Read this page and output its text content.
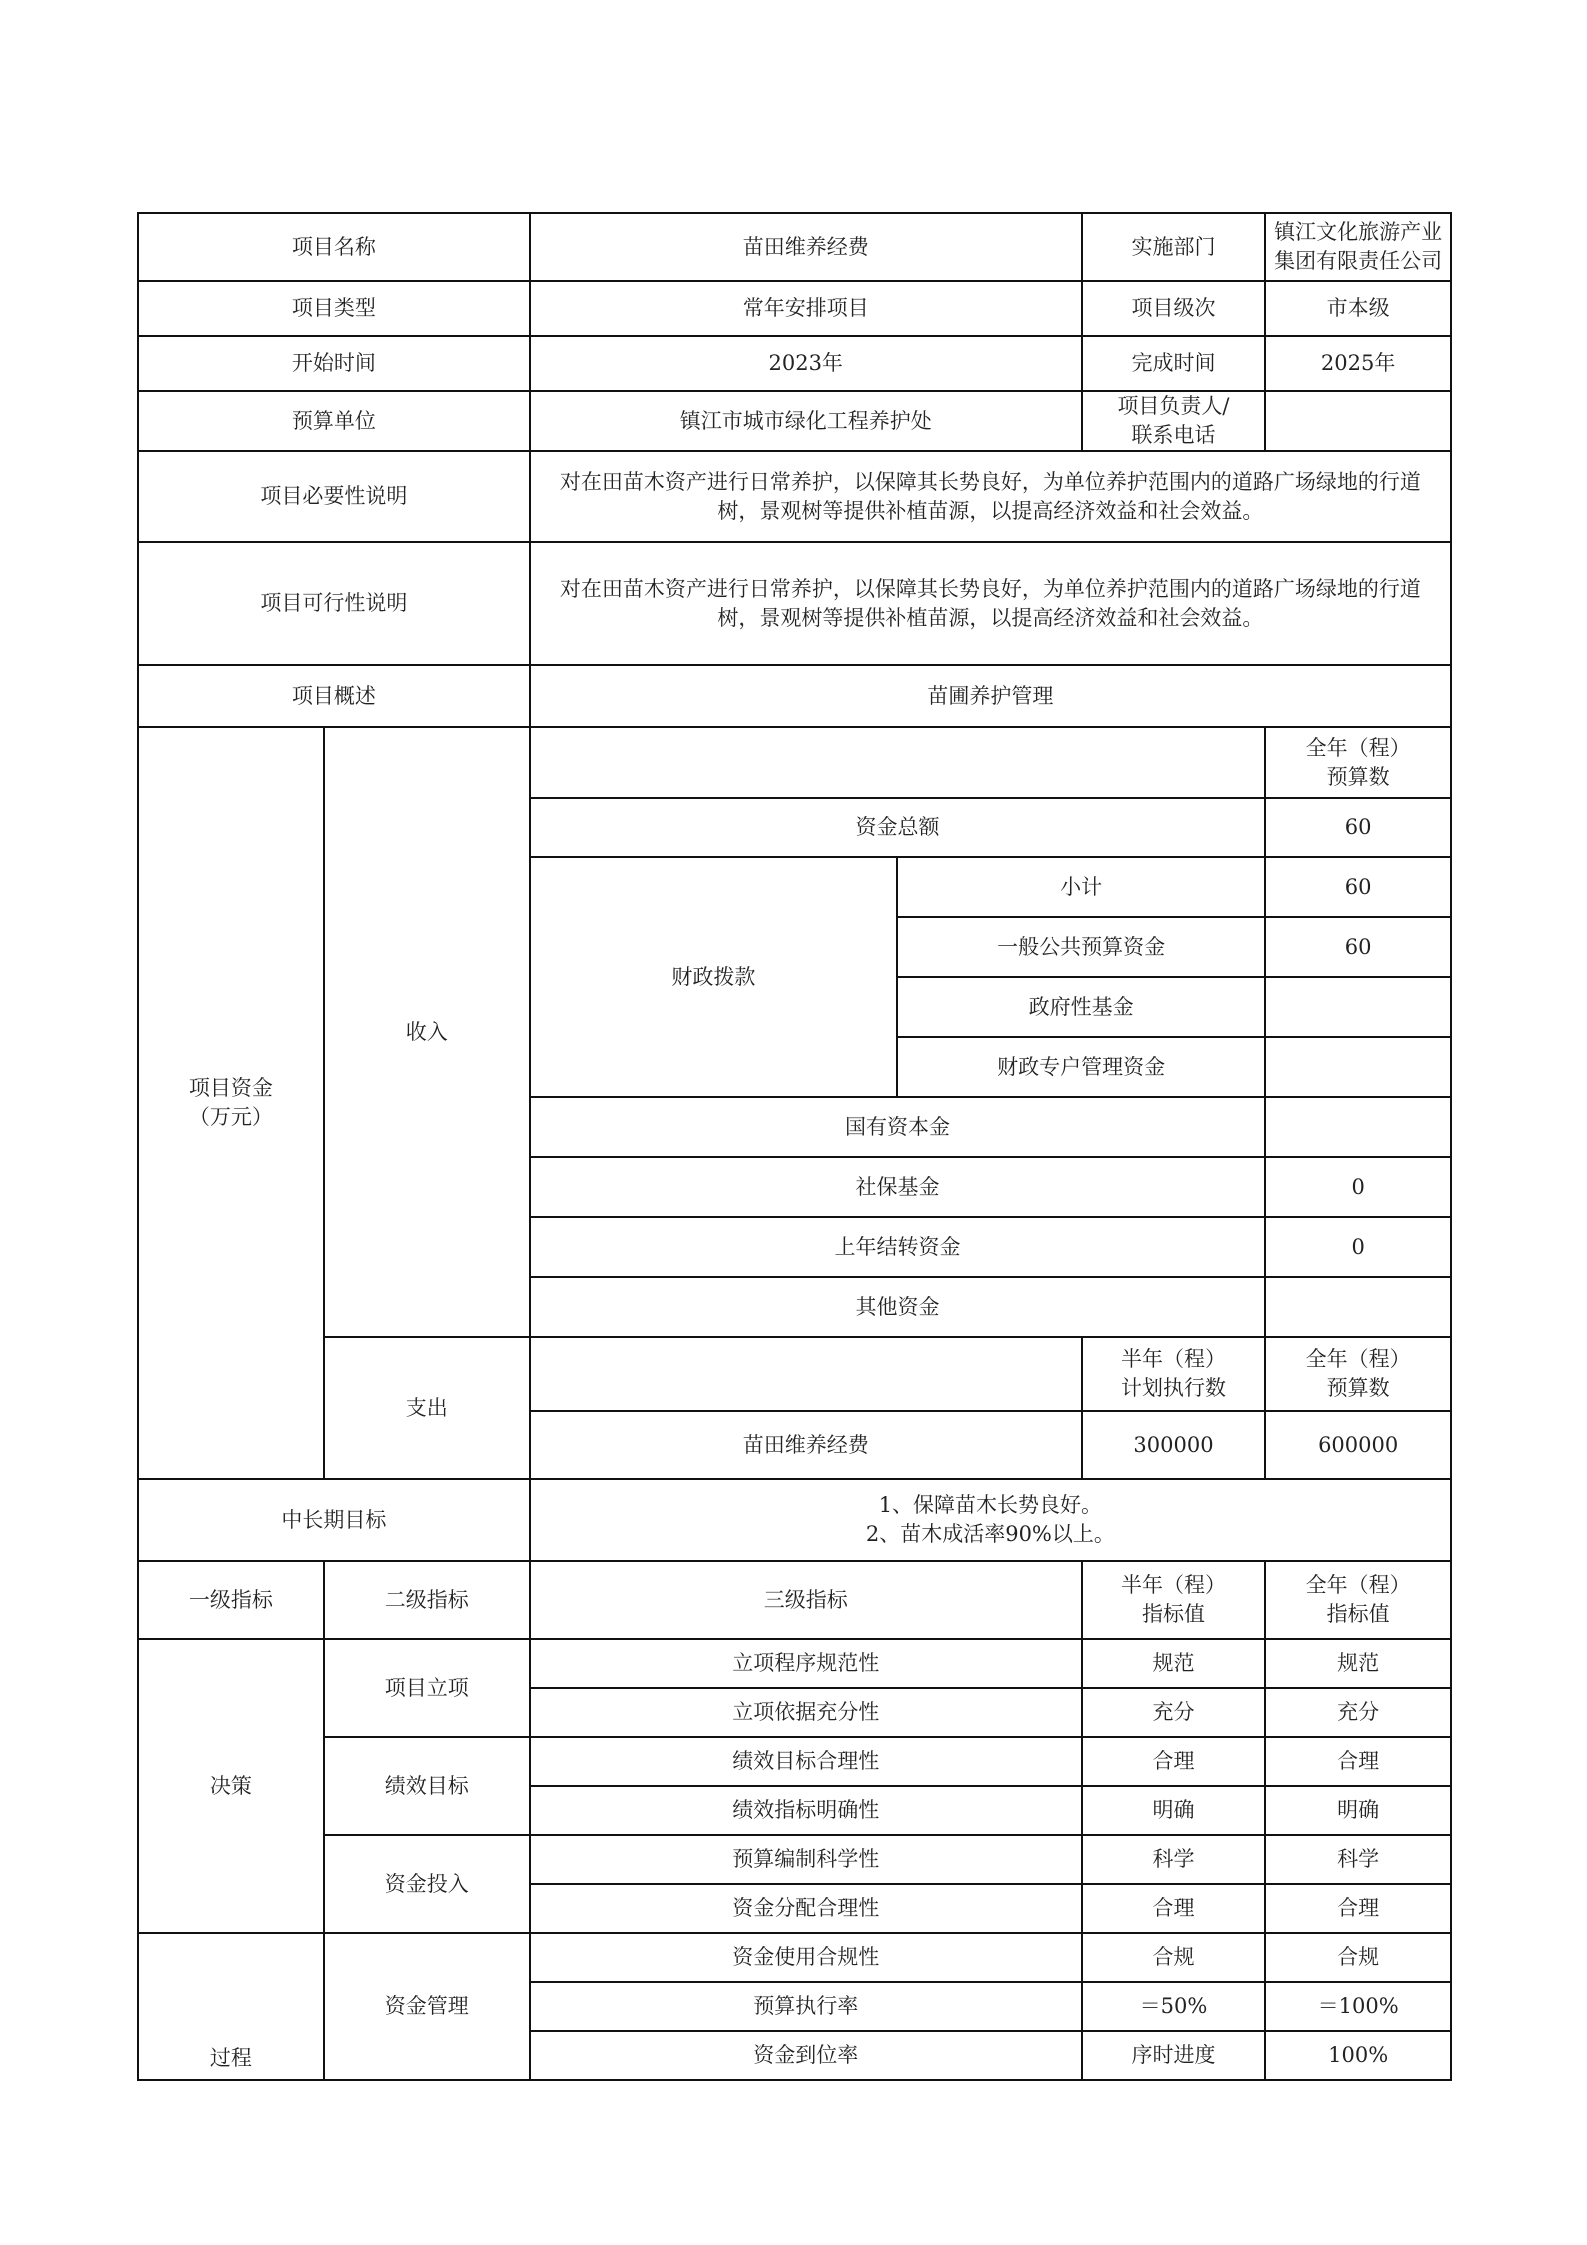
项目名称		苗田维养经费		实施部门	镇江文化旅游产业集团有限责任公司

项目类型		常年安排项目		项目级次	市本级
开始时间		2023年		完成时间	2025年
预算单位		镇江市城市绿化工程养护处		项目负责人/
联系电话	
项目必要性说明		对在田苗木资产进行日常养护，以保障其长势良好，为单位养护范围内的道路广场绿地的行道
树，景观树等提供补植苗源，以提高经济效益和社会效益。			
项目可行性说明		对在田苗木资产进行日常养护，以保障其长势良好，为单位养护范围内的道路广场绿地的行道
树，景观树等提供补植苗源，以提高经济效益和社会效益。			
项目概述		苗圃养护管理			
项目资金
（万元）	收入				全年（程）
预算数
		资金总额			60
		财政拨款	小计		60
			一般公共预算资金		60
			政府性基金		
			财政专户管理资金		
		国有资本金			
		社保基金			0
		上年结转资金			0
		其他资金			
	支出			半年（程）
计划执行数	全年（程）
预算数
		苗田维养经费		300000	600000
中长期目标		1、保障苗木长势良好。
2、苗木成活率90%以上。			
一级指标	二级指标	三级指标		半年（程）
指标值	全年（程）
指标值
决策	项目立项	立项程序规范性		规范	规范
		立项依据充分性		充分	充分
	绩效目标	绩效目标合理性		合理	合理
		绩效指标明确性		明确	明确
	资金投入	预算编制科学性		科学	科学
		资金分配合理性		合理	合理
过程	资金管理	资金使用合规性		合规	合规
		预算执行率		＝50%	＝100%
		资金到位率		序时进度	100%
